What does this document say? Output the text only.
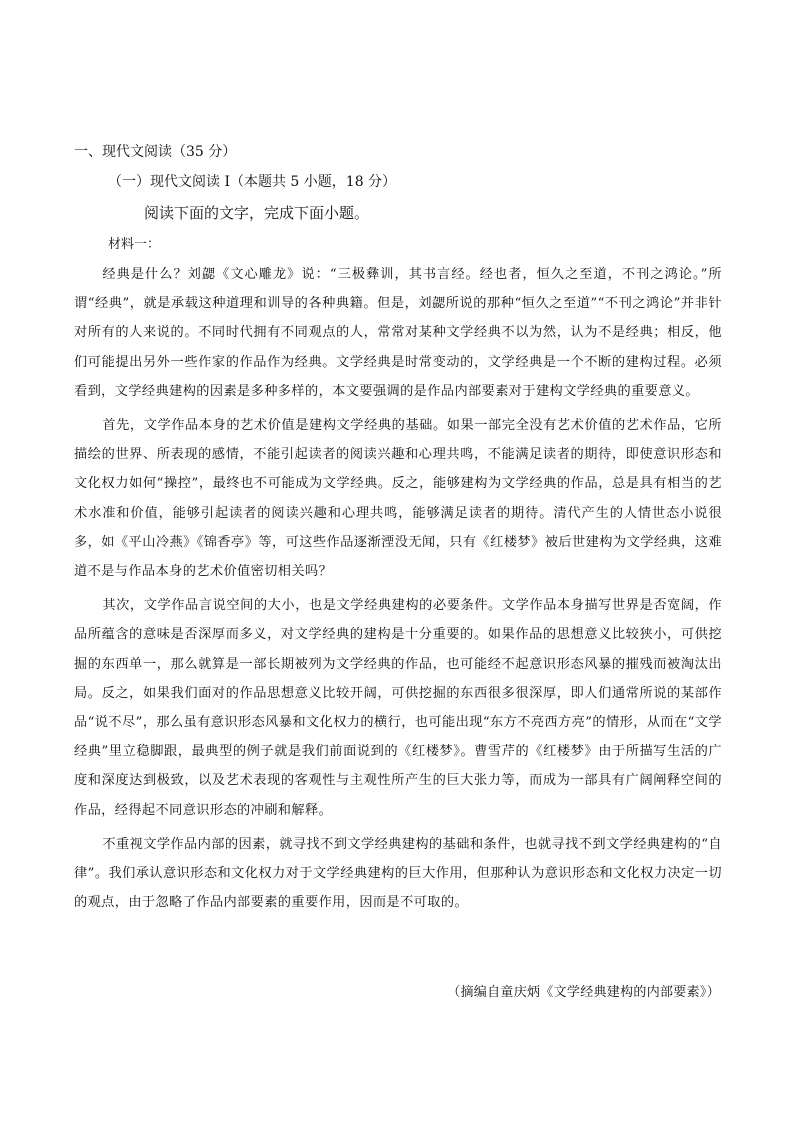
一、现代文阅读（35 分）
（一）现代文阅读 I（本题共 5 小题，18 分）
阅读下面的文字，完成下面小题。
材料一：

经典是什么？刘勰《文心雕龙》说：“三极彝训，其书言经。经也者，恒久之至道，不刊之鸿论。”所谓“经典”，就是承载这种道理和训导的各种典籍。但是，刘勰所说的那种“恒久之至道”“不刊之鸿论”并非针对所有的人来说的。不同时代拥有不同观点的人，常常对某种文学经典不以为然，认为不是经典；相反，他们可能提出另外一些作家的作品作为经典。文学经典是时常变动的，文学经典是一个不断的建构过程。必须看到，文学经典建构的因素是多种多样的，本文要强调的是作品内部要素对于建构文学经典的重要意义。

首先，文学作品本身的艺术价值是建构文学经典的基础。如果一部完全没有艺术价值的艺术作品，它所描绘的世界、所表现的感情，不能引起读者的阅读兴趣和心理共鸣，不能满足读者的期待，即使意识形态和文化权力如何“操控”，最终也不可能成为文学经典。反之，能够建构为文学经典的作品，总是具有相当的艺术水准和价值，能够引起读者的阅读兴趣和心理共鸣，能够满足读者的期待。清代产生的人情世态小说很多，如《平山冷燕》《锦香亭》等，可这些作品逐渐湮没无闻，只有《红楼梦》被后世建构为文学经典，这难道不是与作品本身的艺术价值密切相关吗？

其次，文学作品言说空间的大小，也是文学经典建构的必要条件。文学作品本身描写世界是否宽阔，作品所蕴含的意味是否深厚而多义，对文学经典的建构是十分重要的。如果作品的思想意义比较狭小，可供挖掘的东西单一，那么就算是一部长期被列为文学经典的作品，也可能经不起意识形态风暴的摧残而被淘汰出局。反之，如果我们面对的作品思想意义比较开阔，可供挖掘的东西很多很深厚，即人们通常所说的某部作品“说不尽”，那么虽有意识形态风暴和文化权力的横行，也可能出现“东方不亮西方亮”的情形，从而在“文学经典”里立稳脚跟，最典型的例子就是我们前面说到的《红楼梦》。曹雪芹的《红楼梦》由于所描写生活的广度和深度达到极致，以及艺术表现的客观性与主观性所产生的巨大张力等，而成为一部具有广阔阐释空间的作品，经得起不同意识形态的冲刷和解释。

不重视文学作品内部的因素，就寻找不到文学经典建构的基础和条件，也就寻找不到文学经典建构的“自律”。我们承认意识形态和文化权力对于文学经典建构的巨大作用，但那种认为意识形态和文化权力决定一切的观点，由于忽略了作品内部要素的重要作用，因而是不可取的。

（摘编自童庆炳《文学经典建构的内部要素》）
